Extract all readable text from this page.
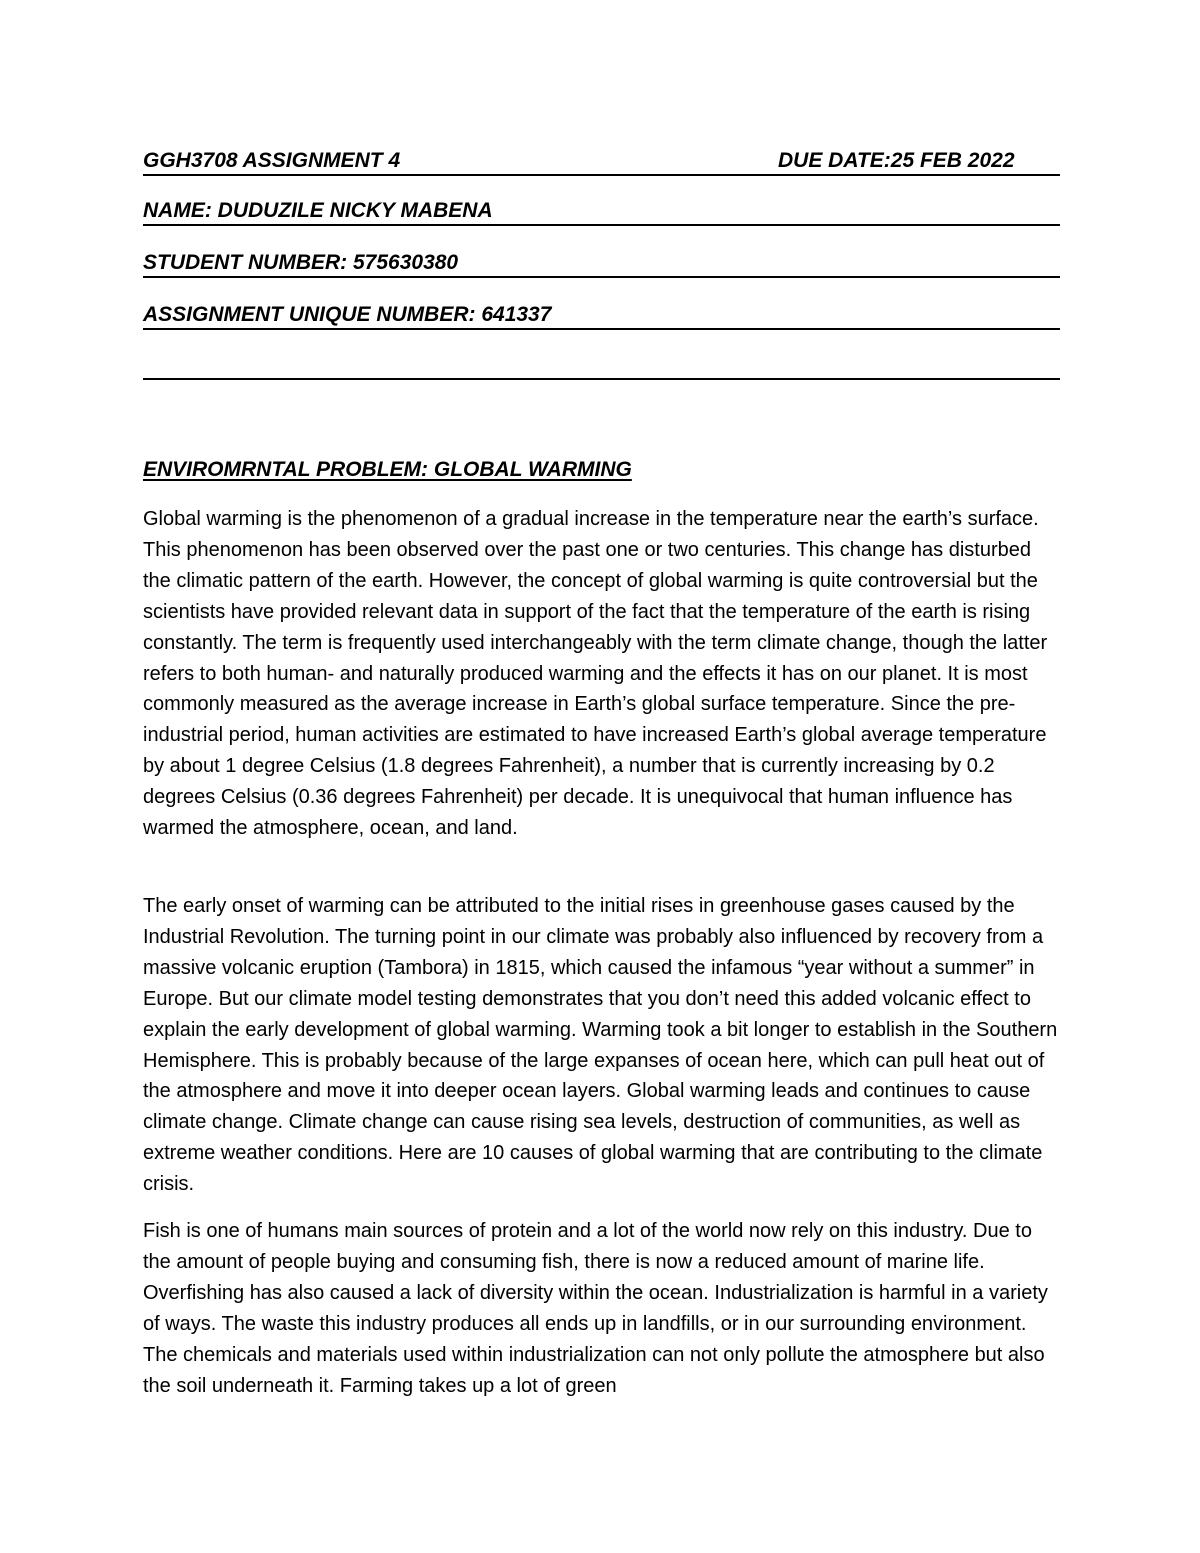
GGH3708 ASSIGNMENT 4	DUE DATE:25 FEB 2022
NAME: DUDUZILE NICKY MABENA
STUDENT NUMBER: 575630380
ASSIGNMENT UNIQUE NUMBER: 641337
ENVIROMRNTAL PROBLEM: GLOBAL WARMING

Global warming is the phenomenon of a gradual increase in the temperature near the earth’s surface. This phenomenon has been observed over the past one or two centuries. This change has disturbed the climatic pattern of the earth. However, the concept of global warming is quite controversial but the scientists have provided relevant data in support of the fact that the temperature of the earth is rising constantly. The term is frequently used interchangeably with the term climate change, though the latter refers to both human- and naturally produced warming and the effects it has on our planet. It is most commonly measured as the average increase in Earth’s global surface temperature. Since the pre-industrial period, human activities are estimated to have increased Earth’s global average temperature by about 1 degree Celsius (1.8 degrees Fahrenheit), a number that is currently increasing by 0.2 degrees Celsius (0.36 degrees Fahrenheit) per decade. It is unequivocal that human influence has warmed the atmosphere, ocean, and land.

The early onset of warming can be attributed to the initial rises in greenhouse gases caused by the Industrial Revolution. The turning point in our climate was probably also influenced by recovery from a massive volcanic eruption (Tambora) in 1815, which caused the infamous “year without a summer” in Europe. But our climate model testing demonstrates that you don’t need this added volcanic effect to explain the early development of global warming. Warming took a bit longer to establish in the Southern Hemisphere. This is probably because of the large expanses of ocean here, which can pull heat out of the atmosphere and move it into deeper ocean layers. Global warming leads and continues to cause climate change. Climate change can cause rising sea levels, destruction of communities, as well as extreme weather conditions. Here are 10 causes of global warming that are contributing to the climate crisis.

Fish is one of humans main sources of protein and a lot of the world now rely on this industry. Due to the amount of people buying and consuming fish, there is now a reduced amount of marine life. Overfishing has also caused a lack of diversity within the ocean. Industrialization is harmful in a variety of ways. The waste this industry produces all ends up in landfills, or in our surrounding environment. The chemicals and materials used within industrialization can not only pollute the atmosphere but also the soil underneath it. Farming takes up a lot of green
